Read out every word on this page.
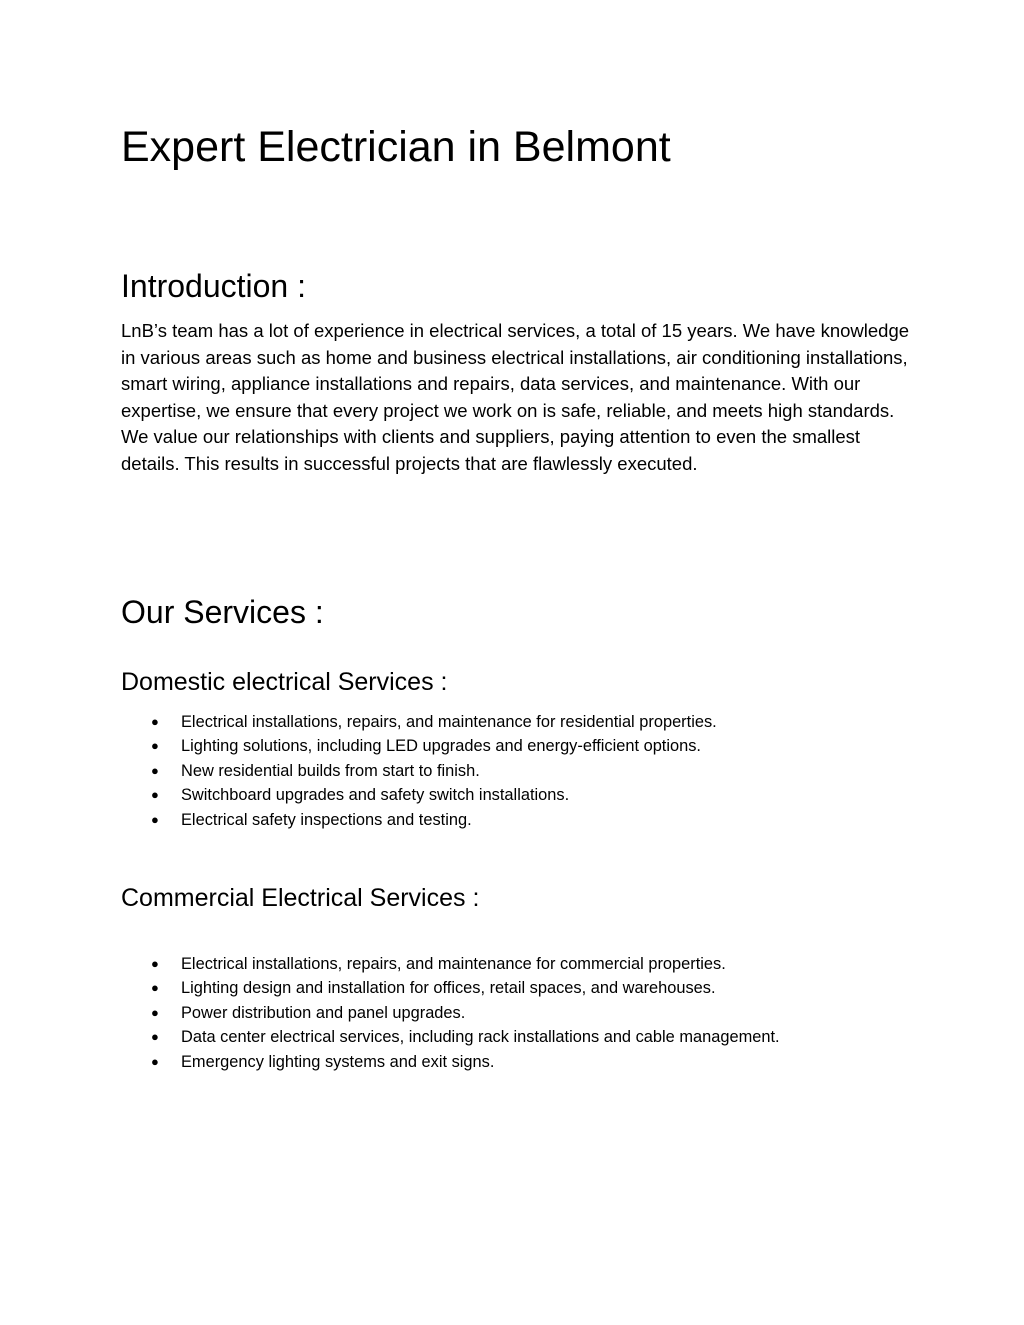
Expert Electrician in Belmont
Introduction :

LnB’s team has a lot of experience in electrical services, a total of 15 years. We have knowledge in various areas such as home and business electrical installations, air conditioning installations, smart wiring, appliance installations and repairs, data services, and maintenance. With our expertise, we ensure that every project we work on is safe, reliable, and meets high standards. We value our relationships with clients and suppliers, paying attention to even the smallest details. This results in successful projects that are flawlessly executed.

Our Services :
Domestic electrical Services :
● Electrical installations, repairs, and maintenance for residential properties.
● Lighting solutions, including LED upgrades and energy-efficient options.
● New residential builds from start to finish.
● Switchboard upgrades and safety switch installations.
● Electrical safety inspections and testing.
Commercial Electrical Services :
● Electrical installations, repairs, and maintenance for commercial properties.
● Lighting design and installation for offices, retail spaces, and warehouses.
● Power distribution and panel upgrades.
● Data center electrical services, including rack installations and cable management.
● Emergency lighting systems and exit signs.
